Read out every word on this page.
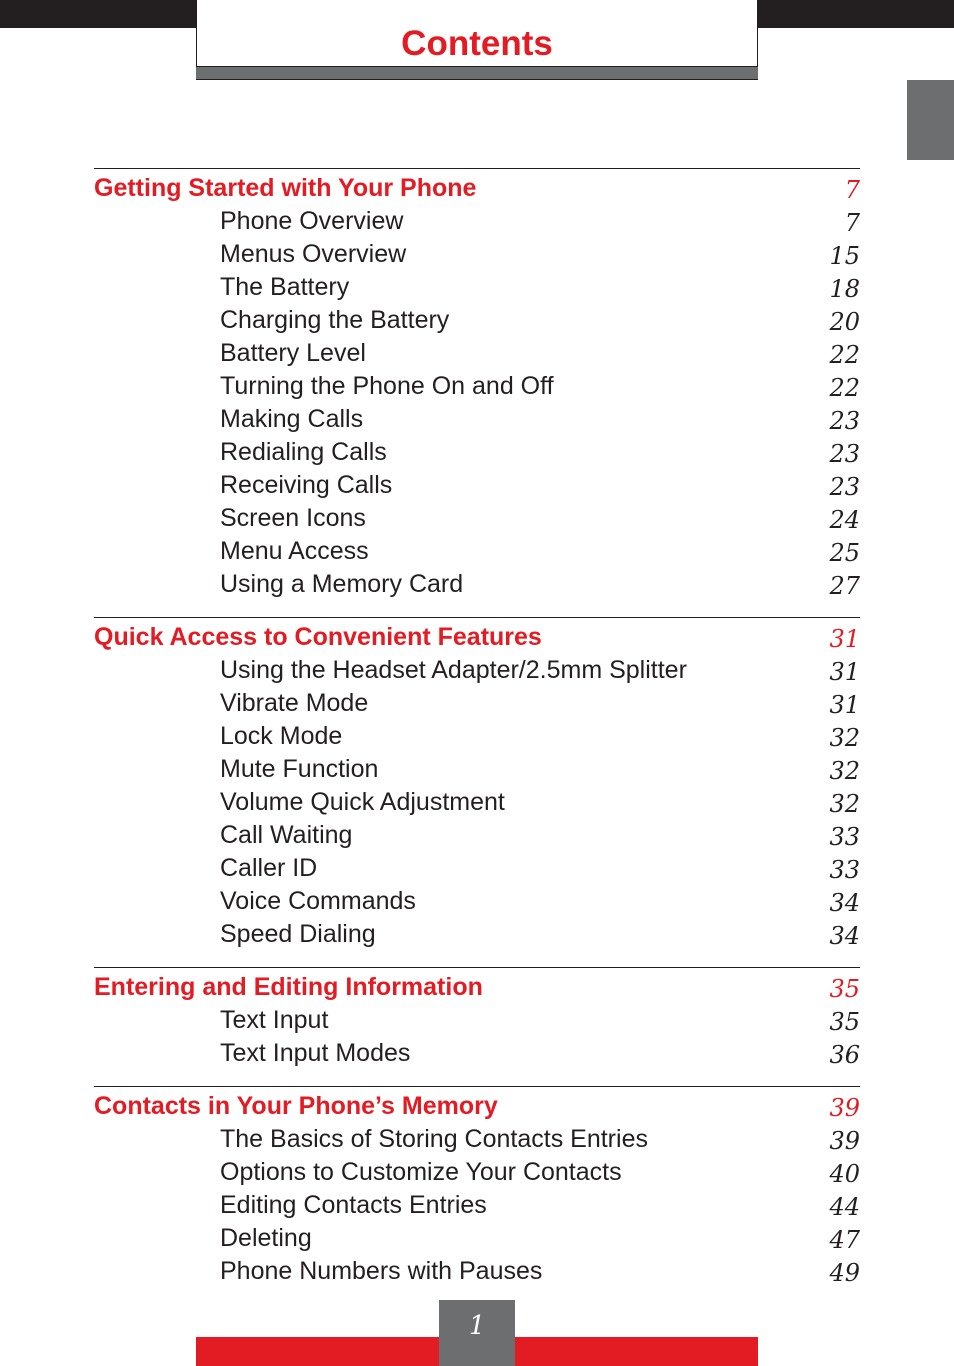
Contents
Getting Started with Your Phone	7
Phone Overview	7
Menus Overview	15
The Battery	18
Charging the Battery	20
Battery Level	22
Turning the Phone On and Off	22
Making Calls	23
Redialing Calls	23
Receiving Calls	23
Screen Icons	24
Menu Access	25
Using a Memory Card	27
Quick Access to Convenient Features	31
Using the Headset Adapter/2.5mm Splitter	31
Vibrate Mode	31
Lock Mode	32
Mute Function	32
Volume Quick Adjustment	32
Call Waiting	33
Caller ID	33
Voice Commands	34
Speed Dialing	34
Entering and Editing Information	35
Text Input	35
Text Input Modes	36
Contacts in Your Phone’s Memory	39
The Basics of Storing Contacts Entries	39
Options to Customize Your Contacts	40
Editing Contacts Entries	44
Deleting	47
Phone Numbers with Pauses	49
1
